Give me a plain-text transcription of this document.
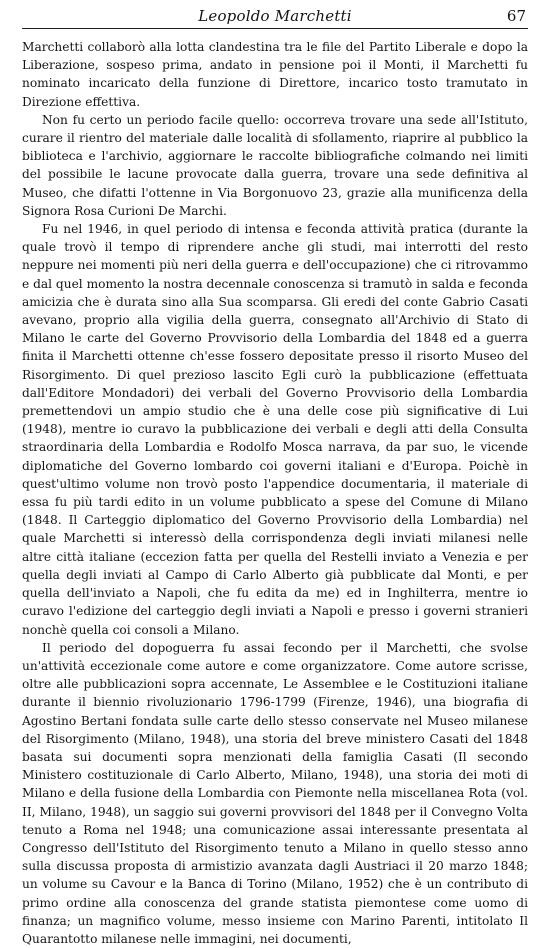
Leopoldo Marchetti	67

Marchetti collaborò alla lotta clandestina tra le file del Partito Liberale e dopo la Liberazione, sospeso prima, andato in pensione poi il Monti, il Marchetti fu nominato incaricato della funzione di Direttore, incarico tosto tramutato in Direzione effettiva.

Non fu certo un periodo facile quello: occorreva trovare una sede all'Istituto, curare il rientro del materiale dalle località di sfollamento, riaprire al pubblico la biblioteca e l'archivio, aggiornare le raccolte bibliografiche colmando nei limiti del possibile le lacune provocate dalla guerra, trovare una sede definitiva al Museo, che difatti l'ottenne in Via Borgonuovo 23, grazie alla munificenza della Signora Rosa Curioni De Marchi.

Fu nel 1946, in quel periodo di intensa e feconda attività pratica (durante la quale trovò il tempo di riprendere anche gli studi, mai interrotti del resto neppure nei momenti più neri della guerra e dell'occupazione) che ci ritrovammo e dal quel momento la nostra decennale conoscenza si tramutò in salda e feconda amicizia che è durata sino alla Sua scomparsa. Gli eredi del conte Gabrio Casati avevano, proprio alla vigilia della guerra, consegnato all'Archivio di Stato di Milano le carte del Governo Provvisorio della Lombardia del 1848 ed a guerra finita il Marchetti ottenne ch'esse fossero depositate presso il risorto Museo del Risorgimento. Di quel prezioso lascito Egli curò la pubblicazione (effettuata dall'Editore Mondadori) dei verbali del Governo Provvisorio della Lombardia premettendovi un ampio studio che è una delle cose più significative di Lui (1948), mentre io curavo la pubblicazione dei verbali e degli atti della Consulta straordinaria della Lombardia e Rodolfo Mosca narrava, da par suo, le vicende diplomatiche del Governo lombardo coi governi italiani e d'Europa. Poichè in quest'ultimo volume non trovò posto l'appendice documentaria, il materiale di essa fu più tardi edito in un volume pubblicato a spese del Comune di Milano (1848. Il Carteggio diplomatico del Governo Provvisorio della Lombardia) nel quale Marchetti si interessò della corrispondenza degli inviati milanesi nelle altre città italiane (eccezion fatta per quella del Restelli inviato a Venezia e per quella degli inviati al Campo di Carlo Alberto già pubblicate dal Monti, e per quella dell'inviato a Napoli, che fu edita da me) ed in Inghilterra, mentre io curavo l'edizione del carteggio degli inviati a Napoli e presso i governi stranieri nonchè quella coi consoli a Milano.

Il periodo del dopoguerra fu assai fecondo per il Marchetti, che svolse un'attività eccezionale come autore e come organizzatore. Come autore scrisse, oltre alle pubblicazioni sopra accennate, Le Assemblee e le Costituzioni italiane durante il biennio rivoluzionario 1796-1799 (Firenze, 1946), una biografia di Agostino Bertani fondata sulle carte dello stesso conservate nel Museo milanese del Risorgimento (Milano, 1948), una storia del breve ministero Casati del 1848 basata sui documenti sopra menzionati della famiglia Casati (Il secondo Ministero costituzionale di Carlo Alberto, Milano, 1948), una storia dei moti di Milano e della fusione della Lombardia con Piemonte nella miscellanea Rota (vol. II, Milano, 1948), un saggio sui governi provvisori del 1848 per il Convegno Volta tenuto a Roma nel 1948; una comunicazione assai interessante presentata al Congresso dell'Istituto del Risorgimento tenuto a Milano in quello stesso anno sulla discussa proposta di armistizio avanzata dagli Austriaci il 20 marzo 1848; un volume su Cavour e la Banca di Torino (Milano, 1952) che è un contributo di primo ordine alla conoscenza del grande statista piemontese come uomo di finanza; un magnifico volume, messo insieme con Marino Parenti, intitolato Il Quarantotto milanese nelle immagini, nei documenti,
